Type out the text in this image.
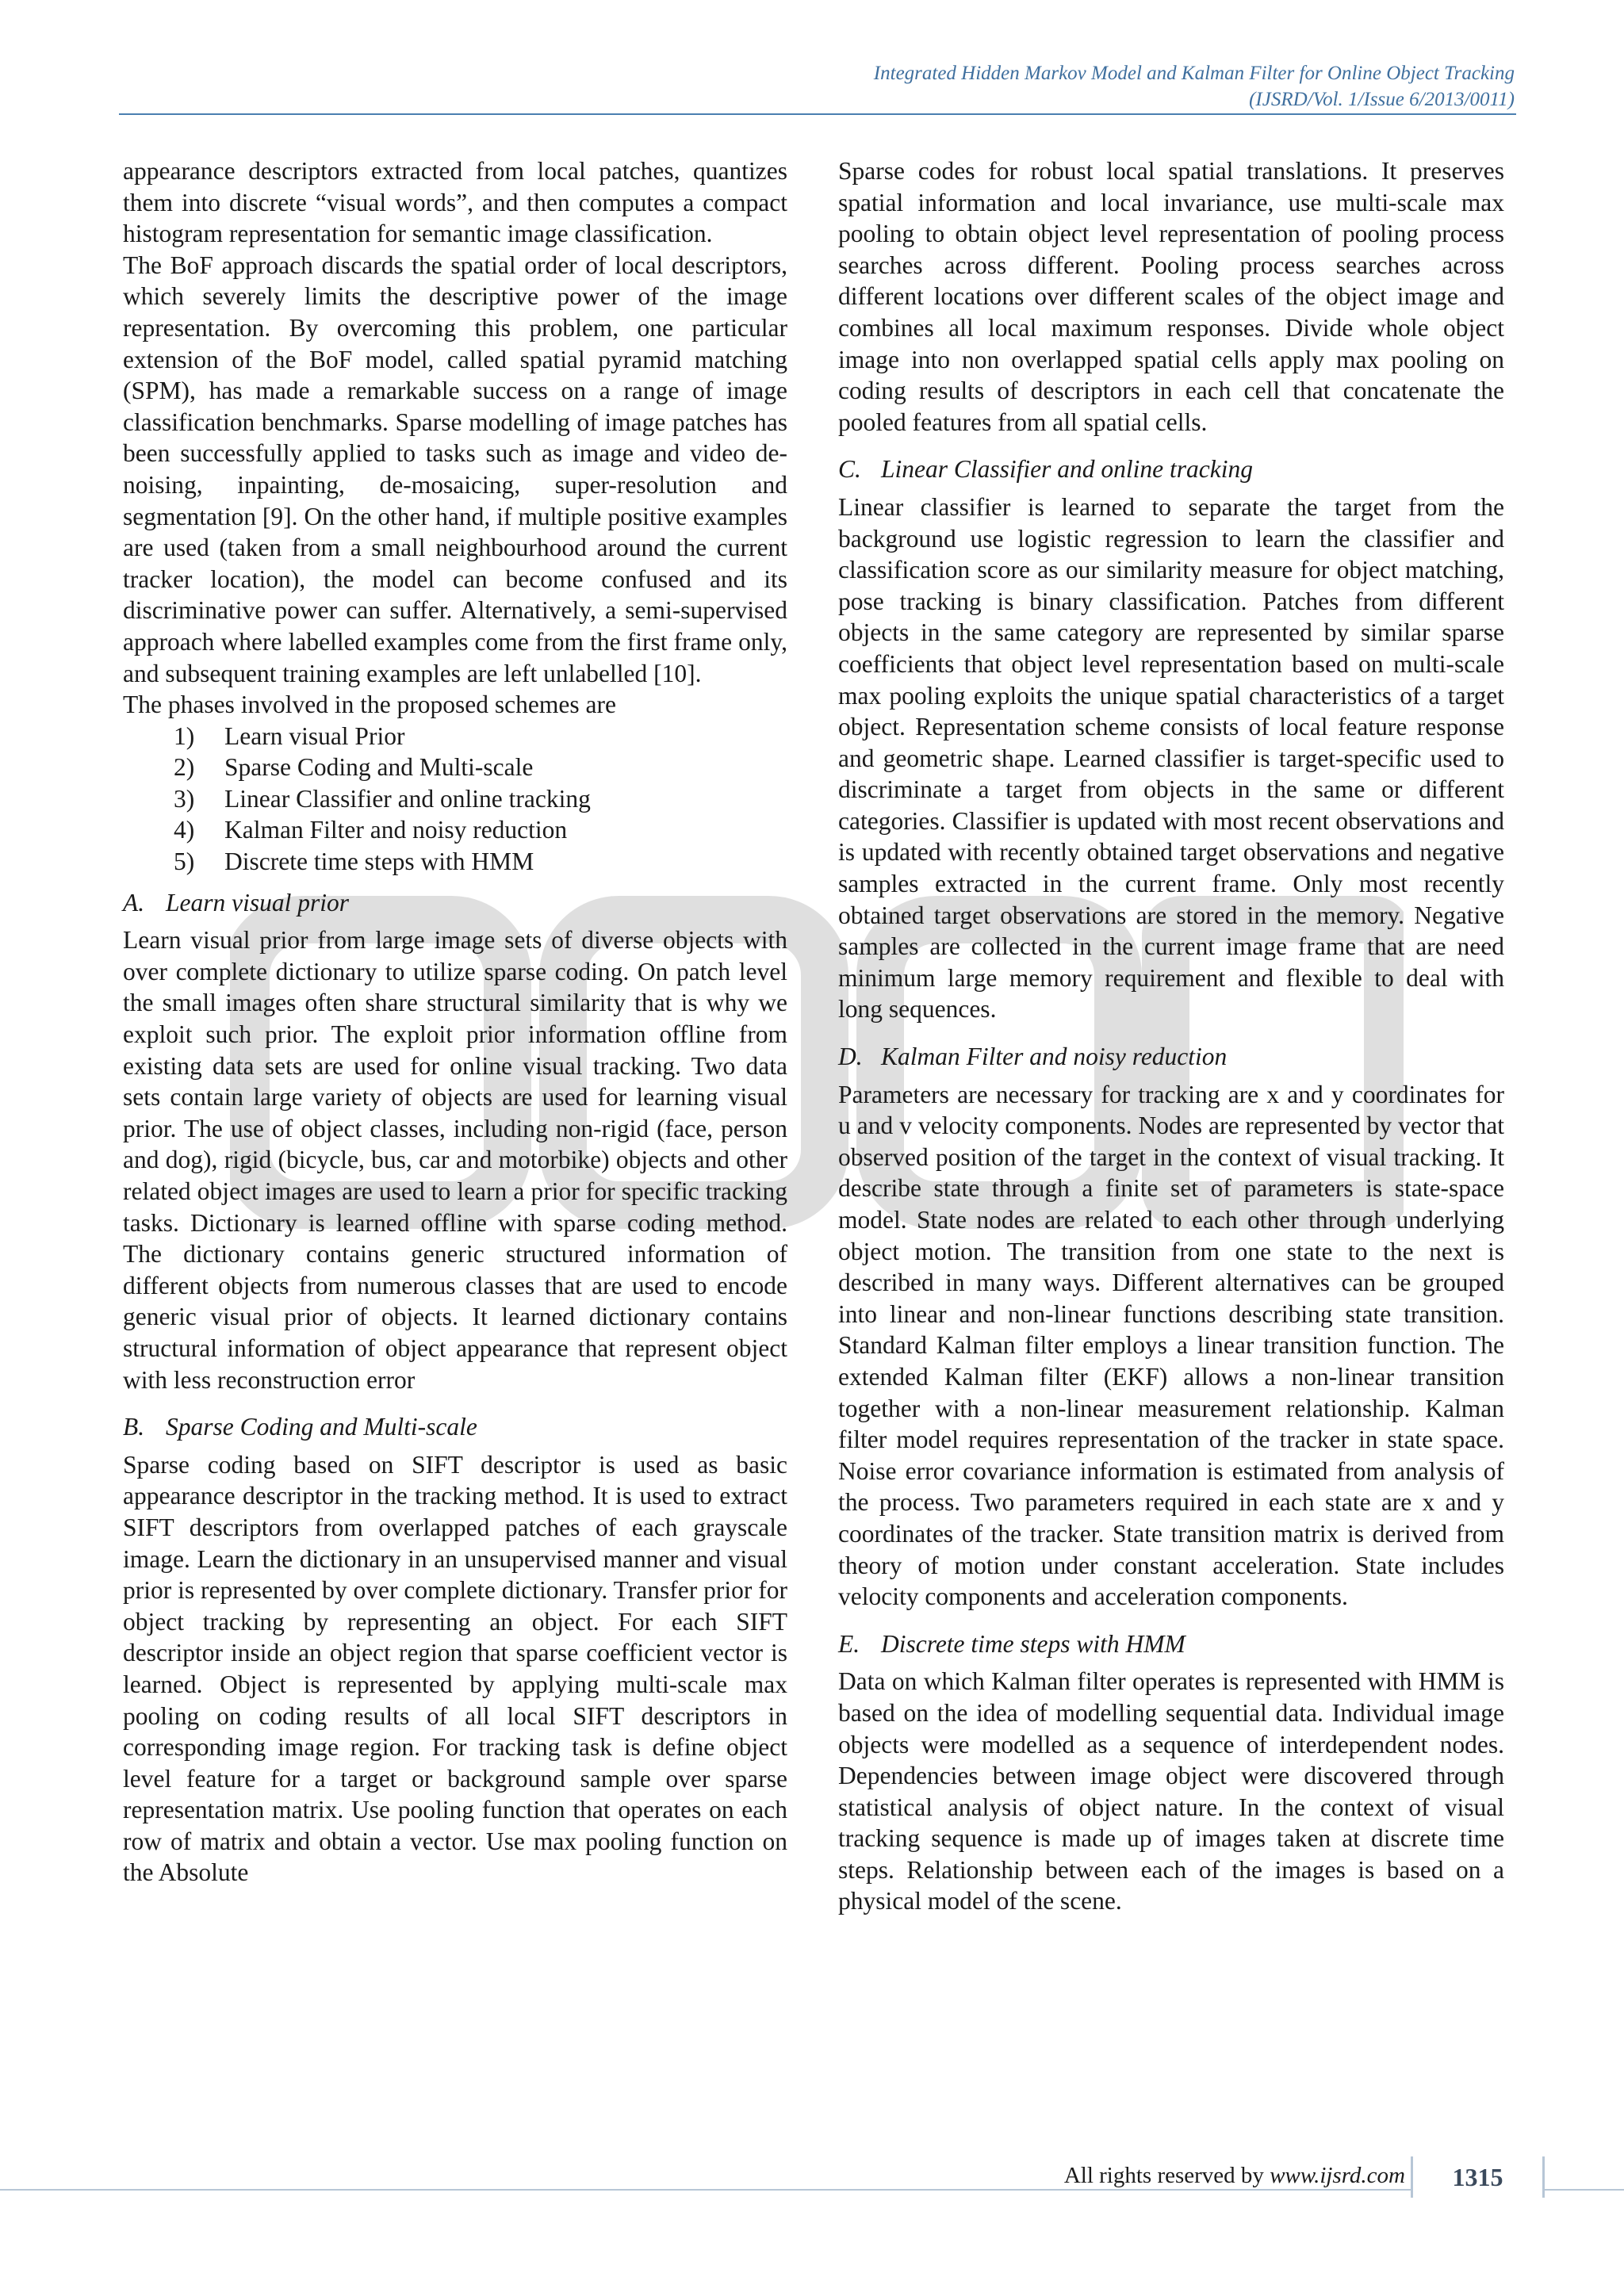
Integrated Hidden Markov Model and Kalman Filter for Online Object Tracking
(IJSRD/Vol. 1/Issue 6/2013/0011)

appearance descriptors extracted from local patches, quantizes them into discrete “visual words”, and then computes a compact histogram representation for semantic image classification.

The BoF approach discards the spatial order of local descriptors, which severely limits the descriptive power of the image representation. By overcoming this problem, one particular extension of the BoF model, called spatial pyramid matching (SPM), has made a remarkable success on a range of image classification benchmarks. Sparse modelling of image patches has been successfully applied to tasks such as image and video de-noising, inpainting, de-mosaicing, super-resolution and segmentation [9]. On the other hand, if multiple positive examples are used (taken from a small neighbourhood around the current tracker location), the model can become confused and its discriminative power can suffer. Alternatively, a semi-supervised approach where labelled examples come from the first frame only, and subsequent training examples are left unlabelled [10].

The phases involved in the proposed schemes are

1)	Learn visual Prior
2)	Sparse Coding and Multi-scale
3)	Linear Classifier and online tracking
4)	Kalman Filter and noisy reduction
5)	Discrete time steps with HMM
A. Learn visual prior

Learn visual prior from large image sets of diverse objects with over complete dictionary to utilize sparse coding. On patch level the small images often share structural similarity that is why we exploit such prior. The exploit prior information offline from existing data sets are used for online visual tracking. Two data sets contain large variety of objects are used for learning visual prior. The use of object classes, including non-rigid (face, person and dog), rigid (bicycle, bus, car and motorbike) objects and other related object images are used to learn a prior for specific tracking tasks. Dictionary is learned offline with sparse coding method. The dictionary contains generic structured information of different objects from numerous classes that are used to encode generic visual prior of objects. It learned dictionary contains structural information of object appearance that represent object with less reconstruction error

B. Sparse Coding and Multi-scale

Sparse coding based on SIFT descriptor is used as basic appearance descriptor in the tracking method. It is used to extract SIFT descriptors from overlapped patches of each grayscale image. Learn the dictionary in an unsupervised manner and visual prior is represented by over complete dictionary. Transfer prior for object tracking by representing an object. For each SIFT descriptor inside an object region that sparse coefficient vector is learned. Object is represented by applying multi-scale max pooling on coding results of all local SIFT descriptors in corresponding image region. For tracking task is define object level feature for a target or background sample over sparse representation matrix. Use pooling function that operates on each row of matrix and obtain a vector. Use max pooling function on the Absolute

Sparse codes for robust local spatial translations. It preserves spatial information and local invariance, use multi-scale max pooling to obtain object level representation of pooling process searches across different. Pooling process searches across different locations over different scales of the object image and combines all local maximum responses. Divide whole object image into non overlapped spatial cells apply max pooling on coding results of descriptors in each cell that concatenate the pooled features from all spatial cells.

C. Linear Classifier and online tracking

Linear classifier is learned to separate the target from the background use logistic regression to learn the classifier and classification score as our similarity measure for object matching, pose tracking is binary classification. Patches from different objects in the same category are represented by similar sparse coefficients that object level representation based on multi-scale max pooling exploits the unique spatial characteristics of a target object. Representation scheme consists of local feature response and geometric shape. Learned classifier is target-specific used to discriminate a target from objects in the same or different categories. Classifier is updated with most recent observations and is updated with recently obtained target observations and negative samples extracted in the current frame. Only most recently obtained target observations are stored in the memory. Negative samples are collected in the current image frame that are need minimum large memory requirement and flexible to deal with long sequences.

D. Kalman Filter and noisy reduction

Parameters are necessary for tracking are x and y coordinates for u and v velocity components. Nodes are represented by vector that observed position of the target in the context of visual tracking. It describe state through a finite set of parameters is state-space model. State nodes are related to each other through underlying object motion. The transition from one state to the next is described in many ways. Different alternatives can be grouped into linear and non-linear functions describing state transition. Standard Kalman filter employs a linear transition function. The extended Kalman filter (EKF) allows a non-linear transition together with a non-linear measurement relationship. Kalman filter model requires representation of the tracker in state space. Noise error covariance information is estimated from analysis of the process. Two parameters required in each state are x and y coordinates of the tracker. State transition matrix is derived from theory of motion under constant acceleration. State includes velocity components and acceleration components.

E. Discrete time steps with HMM

Data on which Kalman filter operates is represented with HMM is based on the idea of modelling sequential data. Individual image objects were modelled as a sequence of interdependent nodes. Dependencies between image object were discovered through statistical analysis of object nature. In the context of visual tracking sequence is made up of images taken at discrete time steps. Relationship between each of the images is based on a physical model of the scene.

All rights reserved by www.ijsrd.com	1315
